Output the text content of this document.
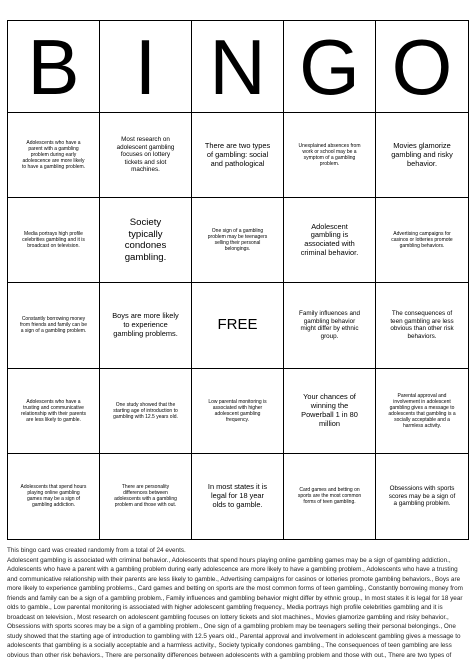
B I N G O
Adolescents who have a parent with a gambling problem during early adolescence are more likely to have a gambling problem.
Most research on adolescent gambling focuses on lottery tickets and slot machines.
There are two types of gambling: social and pathological
Unexplained absences from work or school may be a symptom of a gambling problem.
Movies glamorize gambling and risky behavior.
Media portrays high profile celebrities gambling and it is broadcast on television.
Society typically condones gambling.
One sign of a gambling problem may be teenagers selling their personal belongings.
Adolescent gambling is associated with criminal behavior.
Advertising campaigns for casinos or lotteries promote gambling behaviors.
Constantly borrowing money from friends and family can be a sign of a gambling problem.
Boys are more likely to experience gambling problems.	FREE
Family influences and gambling behavior might differ by ethnic group.
The consequences of teen gambling are less obvious than other risk behaviors.
Adolescents who have a trusting and communicative relationship with their parents are less likely to gamble.
One study showed that the starting age of introduction to gambling with 12.5 years old.
Low parental monitoring is associated with higher adolescent gambling frequency.
Your chances of winning the Powerball 1 in 80 million
Parental approval and involvement in adolescent gambling gives a message to adolescents that gambling is a socially acceptable and a harmless activity.
Adolescents that spend hours playing online gambling games may be a sign of gambling addiction.
There are personality differences between adolescents with a gambling problem and those with out.
In most states it is legal for 18 year olds to gamble.
Card games and betting on sports are the most common forms of teen gambling.
Obsessions with sports scores may be a sign of a gambling problem.

This bingo card was created randomly from a total of 24 events.

Adolescent gambling is associated with criminal behavior., Adolescents that spend hours playing online gambling games may be a sign of gambling addiction., Adolescents who have a parent with a gambling problem during early adolescence are more likely to have a gambling problem., Adolescents who have a trusting and communicative relationship with their parents are less likely to gamble., Advertising campaigns for casinos or lotteries promote gambling behaviors., Boys are more likely to experience gambling problems., Card games and betting on sports are the most common forms of teen gambling., Constantly borrowing money from friends and family can be a sign of a gambling problem., Family influences and gambling behavior might differ by ethnic group., In most states it is legal for 18 year olds to gamble., Low parental monitoring is associated with higher adolescent gambling frequency., Media portrays high profile celebrities gambling and it is broadcast on television., Most research on adolescent gambling focuses on lottery tickets and slot machines., Movies glamorize gambling and risky behavior., Obsessions with sports scores may be a sign of a gambling problem., One sign of a gambling problem may be teenagers selling their personal belongings., One study showed that the starting age of introduction to gambling with 12.5 years old., Parental approval and involvement in adolescent gambling gives a message to adolescents that gambling is a socially acceptable and a harmless activity., Society typically condones gambling., The consequences of teen gambling are less obvious than other risk behaviors., There are personality differences between adolescents with a gambling problem and those with out., There are two types of
